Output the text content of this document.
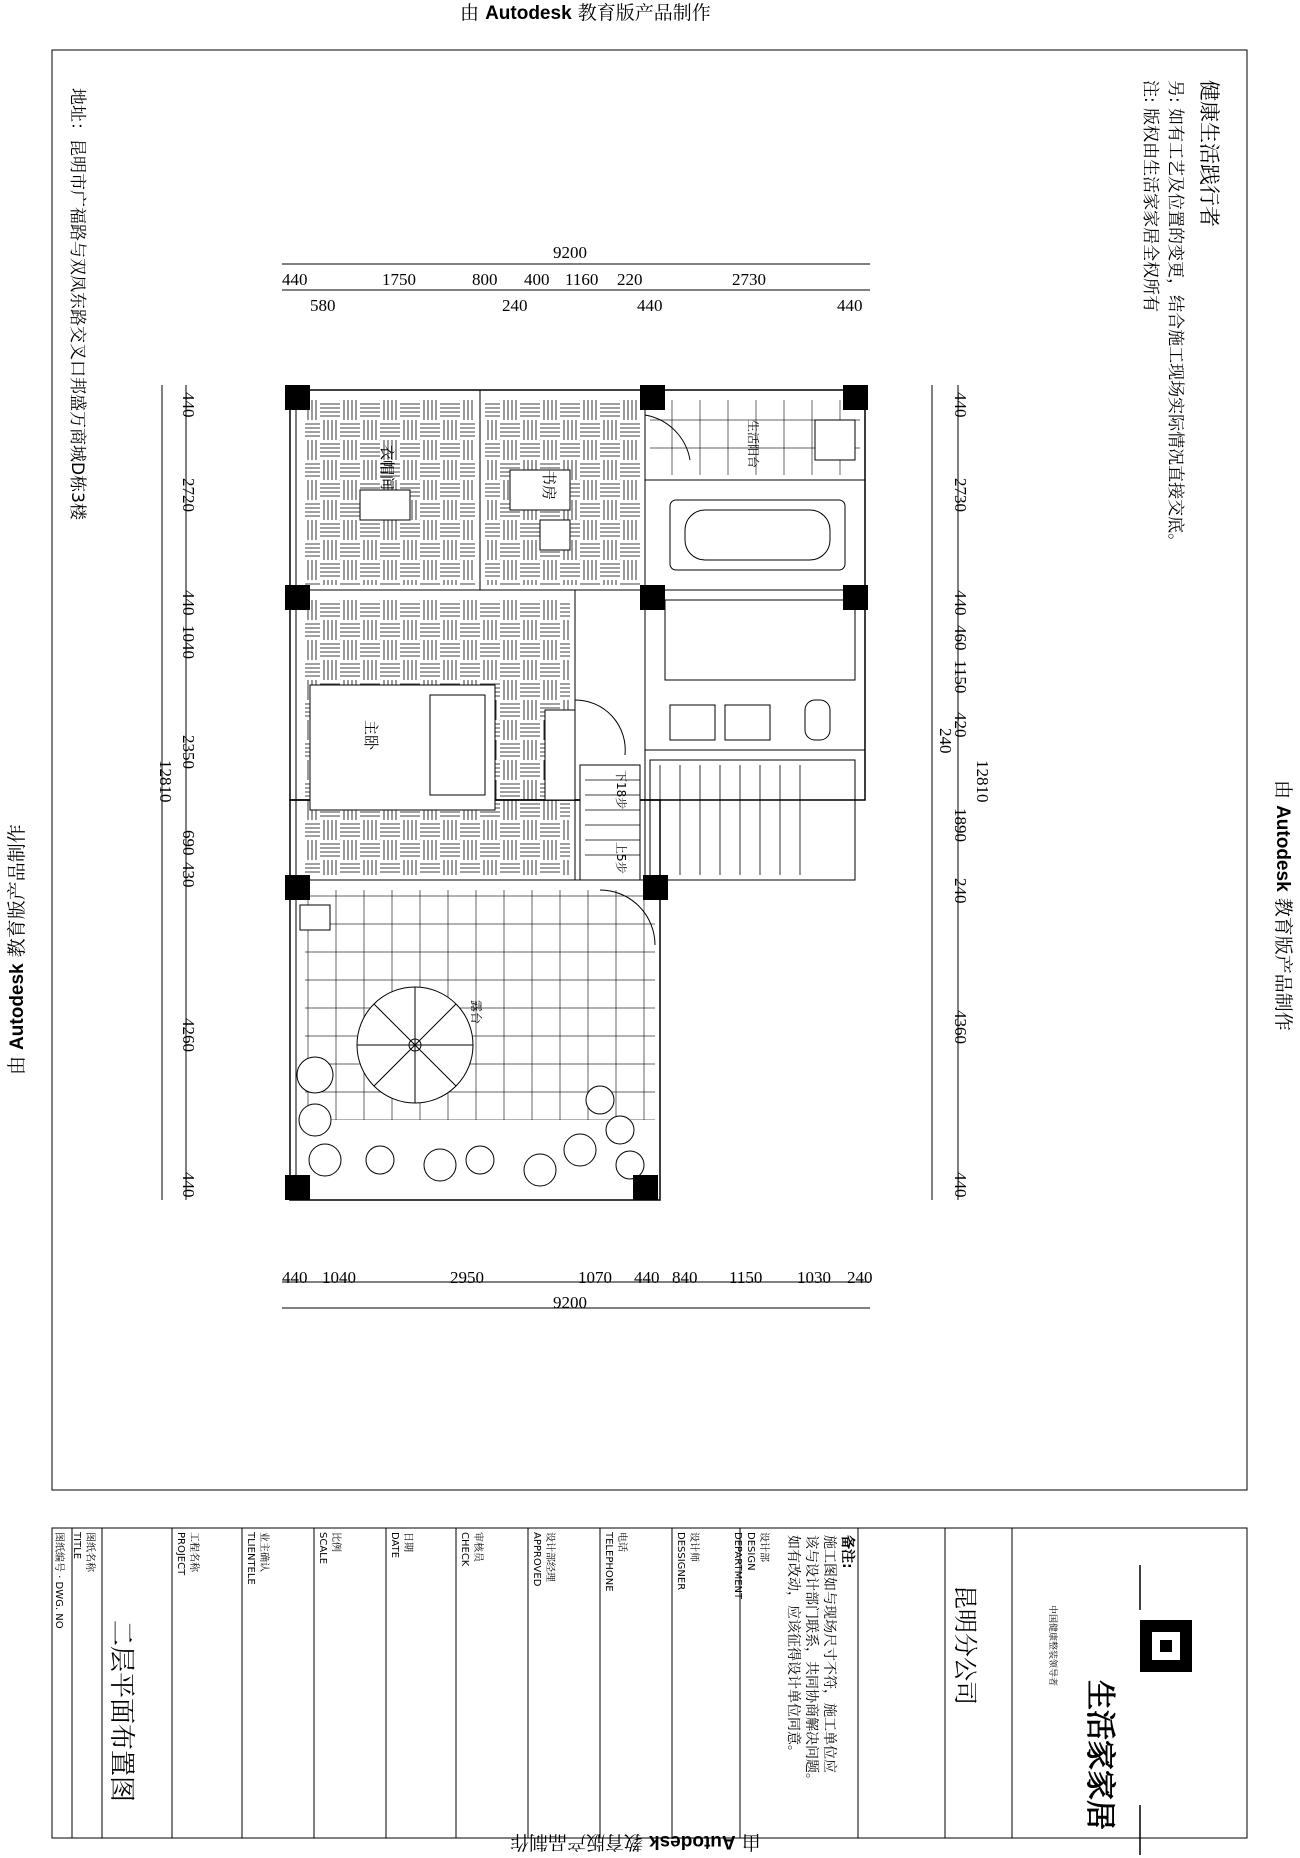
由 Autodesk 教育版产品制作
由 Autodesk 教育版产品制作
由 Autodesk 教育版产品制作
由 Autodesk 教育版产品制作
9200
440	1750	800 400 1160 220	2730
580	240	440	440
440 1040	2950	1070 440 840 1150 1030 240
9200
12810
440
2720
440
1040
2350
690
430
4260
440
12810
440
2730
440
460
1150
420
240
1890
240
4360
440
衣帽间	书房
生活阳台
主卧
下18步
上5步
露台
健康生活践行者
另: 如有工艺及位置的变更，结合施工现场实际情况直接交底。
注: 版权由生活家家居全权所有
地址：昆明市广福路与双凤东路交叉口邦盛万商城D栋3楼
图纸编号 · DWG. NO	图纸名称
TITLE
二层平面布置图
工程名称
PROJECT	业主确认
TLIENTELE	比例
SCALE	日期
DATE	审核员
CHECK	设计部经理
APPROVED	电话
TELEPHONE	设计师
DESSIGNER	设计部
DESIGN
DEPARTMENT	备注:
施工图如与现场尺寸不符，施工单位应
该与设计部门联系，共同协商解决问题。
如有改动，应该征得设计单位同意。	昆明分公司
生活家家居
中国健康整装领导者
